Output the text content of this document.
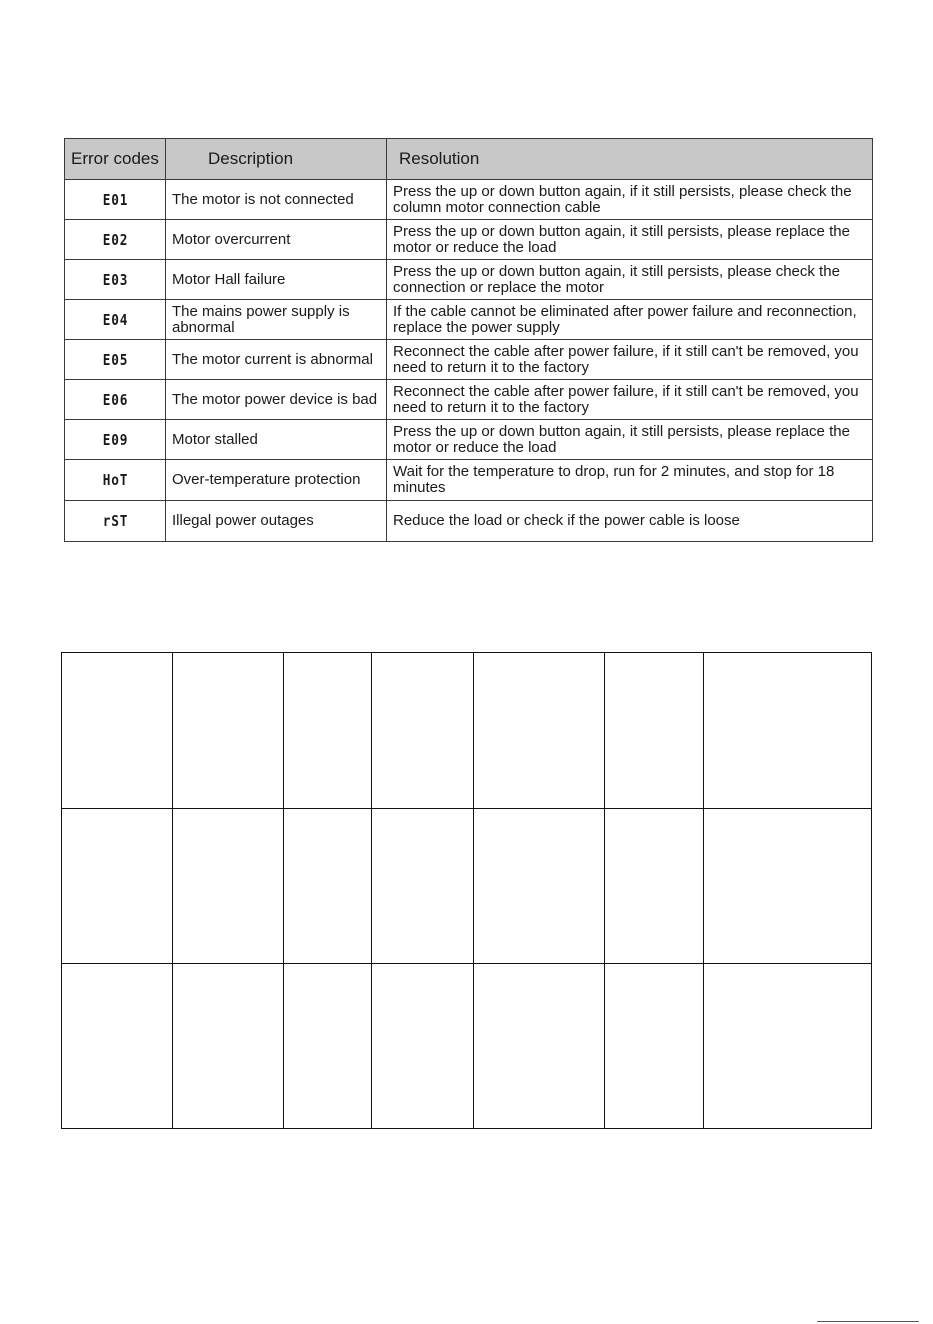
Error codes	Description	Resolution
E01	The motor is not connected	Press the up or down button again, if it still persists, please check the column motor connection cable
E02	Motor overcurrent	Press the up or down button again, it still persists, please replace the motor or reduce the load
E03	Motor Hall failure	Press the up or down button again, it still persists, please check the connection or replace the motor
E04	The mains power supply is abnormal	If the cable cannot be eliminated after power failure and reconnection, replace the power supply
E05	The motor current is abnormal	Reconnect the cable after power failure, if it still can't be removed, you need to return it to the factory
E06	The motor power device is bad	Reconnect the cable after power failure, if it still can't be removed, you need to return it to the factory
E09	Motor stalled	Press the up or down button again, it still persists, please replace the motor or reduce the load
HoT	Over-temperature protection	Wait for the temperature to drop, run for 2 minutes, and stop for 18 minutes
rST	Illegal power outages	Reduce the load or check if the power cable is loose
